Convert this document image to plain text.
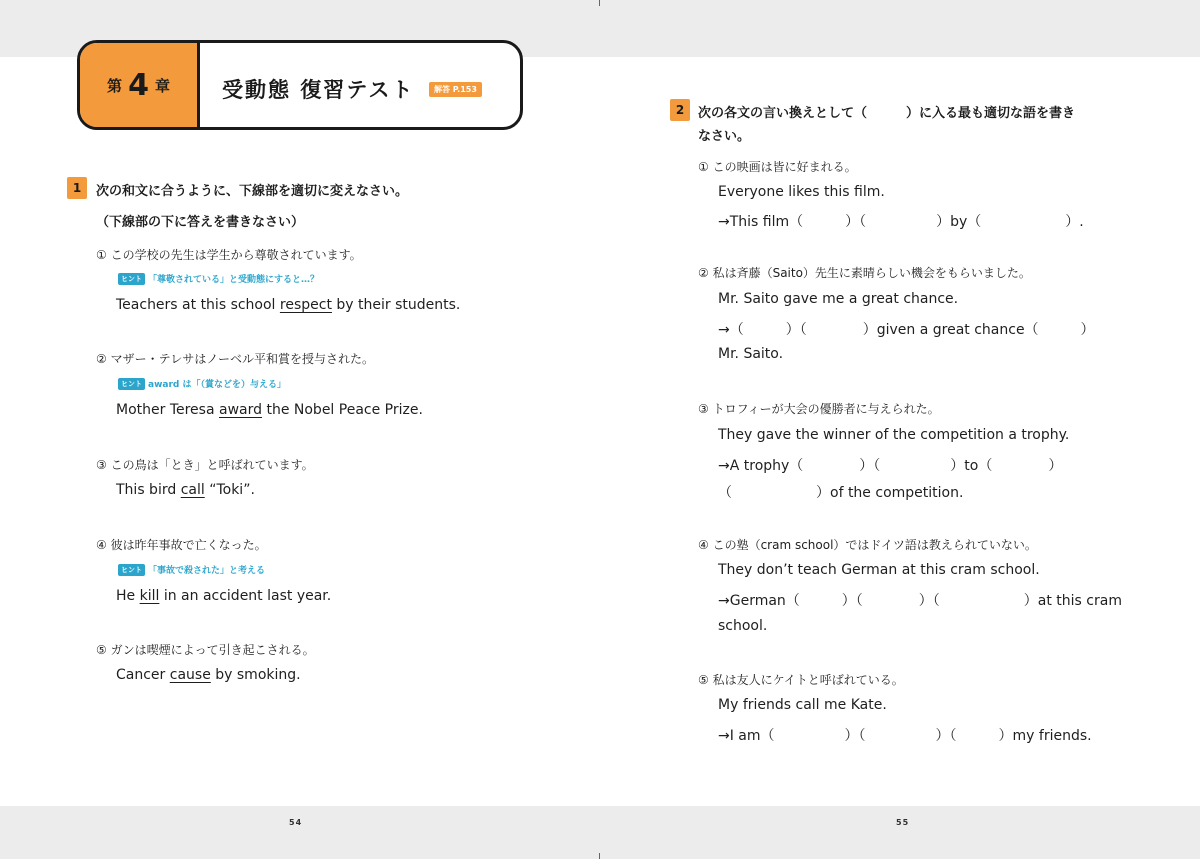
54	55
第 4 章 受動態 復習テスト	解答 P.153
1	次の和文に合うように、下線部を適切に変えなさい。
（下線部の下に答えを書きなさい）
① この学校の先生は学生から尊敬されています。
ヒント 「尊敬されている」と受動態にすると…？
Teachers at this school respect by their students.
② マザー・テレサはノーベル平和賞を授与された。
ヒント award は「（賞などを）与える」
Mother Teresa award the Nobel Peace Prize.
③ この鳥は「とき」と呼ばれています。
This bird call “Toki”.
④ 彼は昨年事故で亡くなった。
ヒント 「事故で殺された」と考える
He kill in an accident last year.
⑤ ガンは喫煙によって引き起こされる。
Cancer cause by smoking.
2	次の各文の言い換えとして（　　　）に入る最も適切な語を書き
なさい。
① この映画は皆に好まれる。
Everyone likes this film.
→This film（　　　）（　　　　　）by（　　　　　　）.
② 私は斉藤（Saito）先生に素晴らしい機会をもらいました。
Mr. Saito gave me a great chance.
→（　　　）（　　　　）given a great chance（　　　）
Mr. Saito.
③ トロフィーが大会の優勝者に与えられた。
They gave the winner of the competition a trophy.
→A trophy（　　　　）（　　　　　）to（　　　　）
（　　　　　　）of the competition.
④ この塾（cram school）ではドイツ語は教えられていない。
They don’t teach German at this cram school.
→German（　　　）（　　　　）（　　　　　　）at this cram
school.
⑤ 私は友人にケイトと呼ばれている。
My friends call me Kate.
→I am（　　　　　）（　　　　　）（　　　）my friends.
